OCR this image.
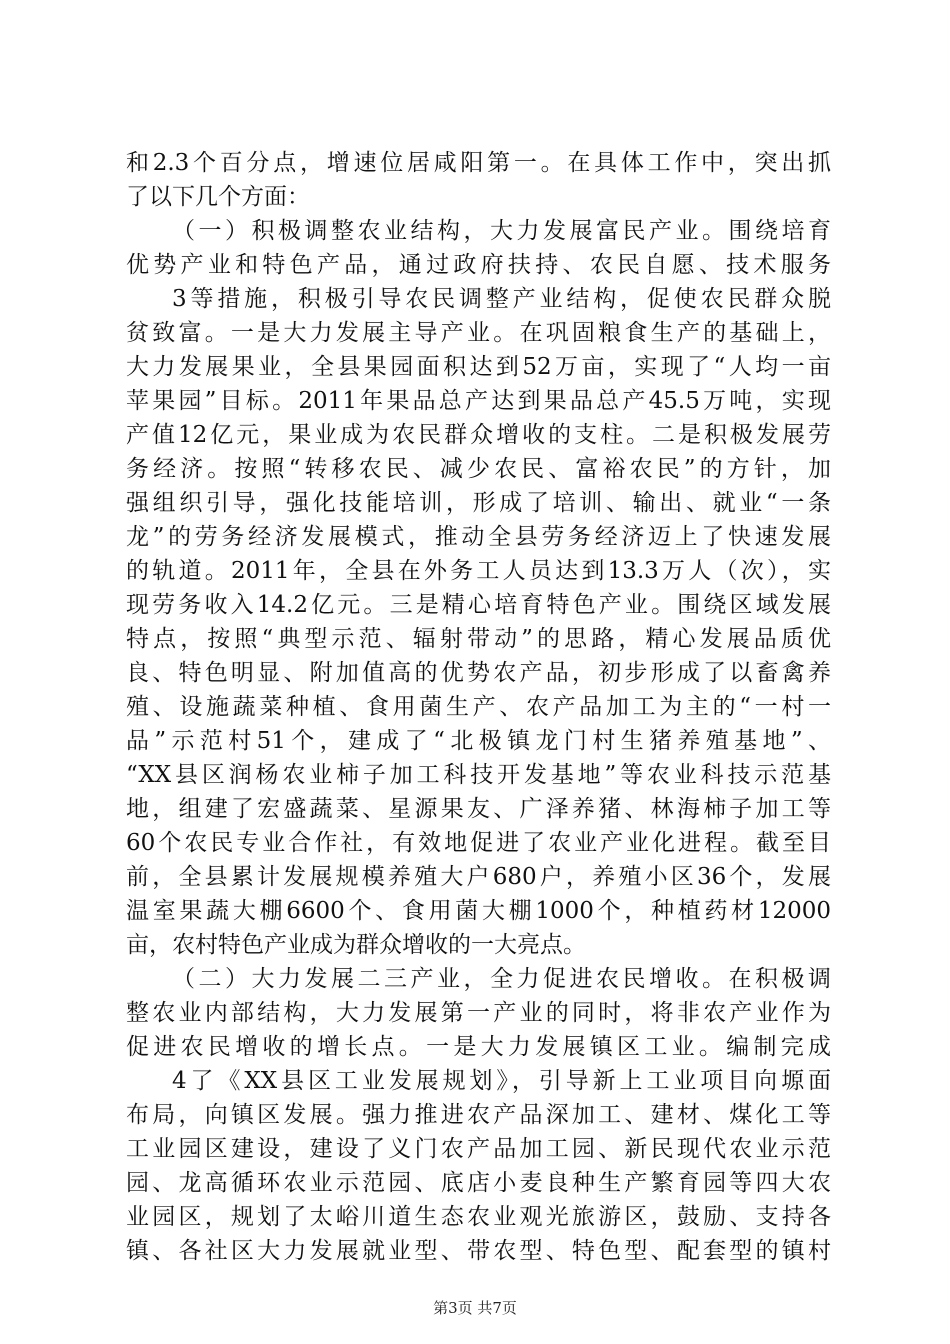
和2.3个百分点，增速位居咸阳第一。在具体工作中，突出抓
了以下几个方面：
（一）积极调整农业结构，大力发展富民产业。围绕培育
优势产业和特色产品，通过政府扶持、农民自愿、技术服务
3等措施，积极引导农民调整产业结构，促使农民群众脱
贫致富。一是大力发展主导产业。在巩固粮食生产的基础上，
大力发展果业，全县果园面积达到52万亩，实现了“人均一亩
苹果园”目标。2011年果品总产达到果品总产45.5万吨，实现
产值12亿元，果业成为农民群众增收的支柱。二是积极发展劳
务经济。按照“转移农民、减少农民、富裕农民”的方针，加
强组织引导，强化技能培训，形成了培训、输出、就业“一条
龙”的劳务经济发展模式，推动全县劳务经济迈上了快速发展
的轨道。2011年，全县在外务工人员达到13.3万人（次），实
现劳务收入14.2亿元。三是精心培育特色产业。围绕区域发展
特点，按照“典型示范、辐射带动”的思路，精心发展品质优
良、特色明显、附加值高的优势农产品，初步形成了以畜禽养
殖、设施蔬菜种植、食用菌生产、农产品加工为主的“一村一
品”示范村51个，建成了“北极镇龙门村生猪养殖基地”、
“XX县区润杨农业柿子加工科技开发基地”等农业科技示范基
地，组建了宏盛蔬菜、星源果友、广泽养猪、林海柿子加工等
60个农民专业合作社，有效地促进了农业产业化进程。截至目
前，全县累计发展规模养殖大户680户，养殖小区36个，发展
温室果蔬大棚6600个、食用菌大棚1000个，种植药材12000
亩，农村特色产业成为群众增收的一大亮点。
（二）大力发展二三产业，全力促进农民增收。在积极调
整农业内部结构，大力发展第一产业的同时，将非农产业作为
促进农民增收的增长点。一是大力发展镇区工业。编制完成
4了《XX县区工业发展规划》，引导新上工业项目向塬面
布局，向镇区发展。强力推进农产品深加工、建材、煤化工等
工业园区建设，建设了义门农产品加工园、新民现代农业示范
园、龙高循环农业示范园、底店小麦良种生产繁育园等四大农
业园区，规划了太峪川道生态农业观光旅游区，鼓励、支持各
镇、各社区大力发展就业型、带农型、特色型、配套型的镇村
第3页 共7页
